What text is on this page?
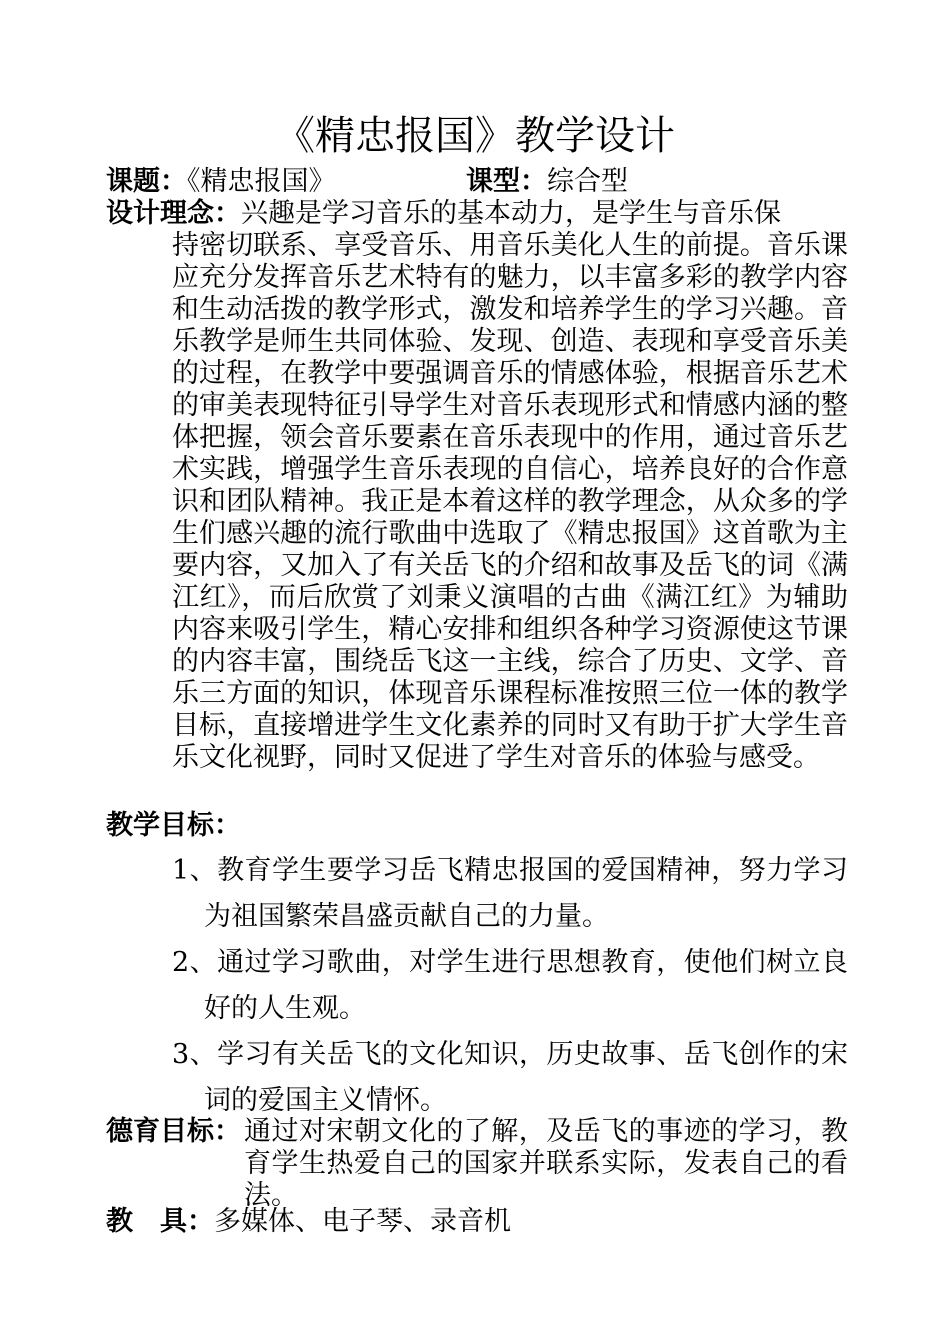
《精忠报国》教学设计
课题：《精忠报国》	课型：综合型
设计理念：兴趣是学习音乐的基本动力，是学生与音乐保
持密切联系、享受音乐、用音乐美化人生的前提。音乐课应充分发挥音乐艺术特有的魅力，以丰富多彩的教学内容和生动活拨的教学形式，激发和培养学生的学习兴趣。音乐教学是师生共同体验、发现、创造、表现和享受音乐美的过程，在教学中要强调音乐的情感体验，根据音乐艺术的审美表现特征引导学生对音乐表现形式和情感内涵的整体把握，领会音乐要素在音乐表现中的作用，通过音乐艺术实践，增强学生音乐表现的自信心，培养良好的合作意识和团队精神。我正是本着这样的教学理念，从众多的学生们感兴趣的流行歌曲中选取了《精忠报国》这首歌为主要内容，又加入了有关岳飞的介绍和故事及岳飞的词《满江红》，而后欣赏了刘秉义演唱的古曲《满江红》为辅助内容来吸引学生，精心安排和组织各种学习资源使这节课的内容丰富，围绕岳飞这一主线，综合了历史、文学、音乐三方面的知识，体现音乐课程标准按照三位一体的教学目标，直接增进学生文化素养的同时又有助于扩大学生音乐文化视野，同时又促进了学生对音乐的体验与感受。
教学目标：
1、教育学生要学习岳飞精忠报国的爱国精神，努力学习为祖国繁荣昌盛贡献自己的力量。
2、通过学习歌曲，对学生进行思想教育，使他们树立良好的人生观。
3、学习有关岳飞的文化知识，历史故事、岳飞创作的宋词的爱国主义情怀。
德育目标： 通过对宋朝文化的了解，及岳飞的事迹的学习，教育学生热爱自己的国家并联系实际，发表自己的看法。
教　具：多媒体、电子琴、录音机
